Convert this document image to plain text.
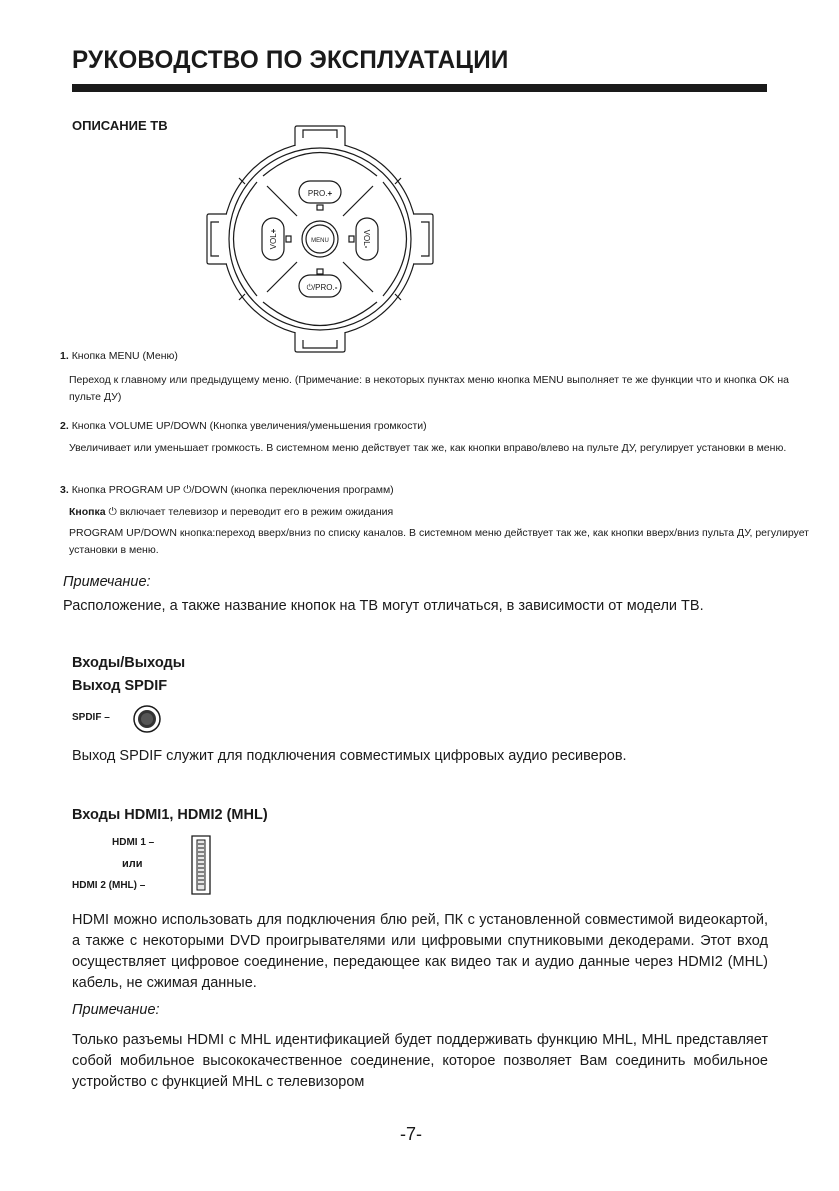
РУКОВОДСТВО ПО ЭКСПЛУАТАЦИИ
ОПИСАНИЕ ТВ
PRO.+
⏻/PRO.-
MENU
VOL+	VOL-
1. Кнопка MENU (Меню)
Переход к главному или предыдущему меню. (Примечание: в некоторых пунктах меню кнопка MENU выполняет те же функции что и кнопка OK на пульте ДУ)
2. Кнопка VOLUME UP/DOWN (Кнопка увеличения/уменьшения громкости)
Увеличивает или уменьшает громкость. В системном меню действует так же, как кнопки вправо/влево на пульте ДУ, регулирует установки в меню.
3. Кнопка PROGRAM UP ⏻/DOWN (кнопка переключения программ)
Кнопка ⏻ включает телевизор и переводит его в режим ожидания
PROGRAM UP/DOWN кнопка:переход вверх/вниз по списку каналов. В системном меню действует так же, как кнопки вверх/вниз пульта ДУ, регулирует установки в меню.
Примечание:
Расположение, а также название кнопок на ТВ могут отличаться, в зависимости от модели ТВ.
Входы/Выходы
Выход SPDIF
SPDIF –
Выход SPDIF служит для подключения совместимых цифровых аудио ресиверов.
Входы HDMI1, HDMI2 (MHL)
HDMI 1 –
или
HDMI 2 (MHL) –
HDMI можно использовать для подключения блю рей, ПК с установленной совместимой видеокартой, а также с некоторыми DVD проигрывателями или цифровыми спутниковыми декодерами. Этот вход осуществляет цифровое соединение, передающее как видео так и аудио данные через HDMI2 (MHL) кабель, не сжимая данные.
Примечание:
Только разъемы HDMI с MHL идентификацией будет поддерживать функцию MHL, MHL представляет собой мобильное высококачественное соединение, которое позволяет Вам соединить мобильное устройство с функцией MHL с телевизором
-7-
